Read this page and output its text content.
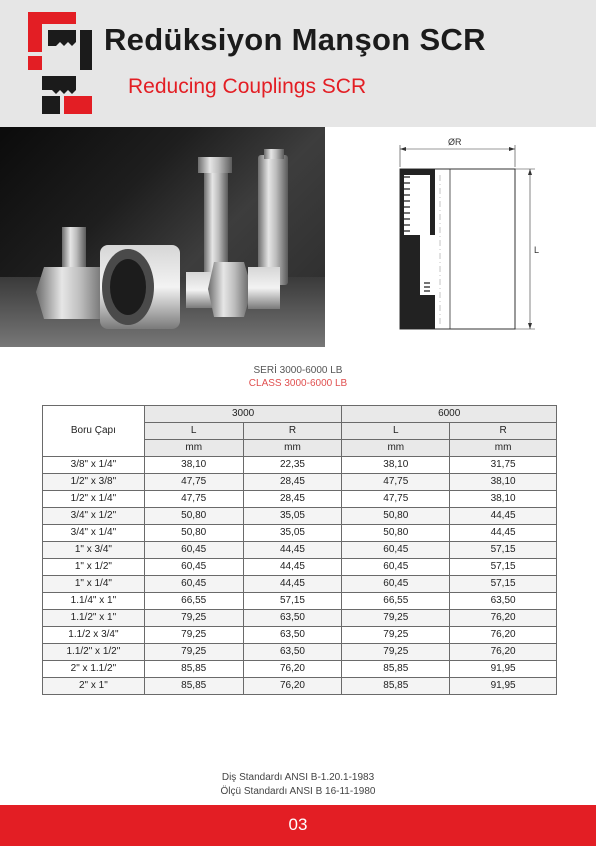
Redüksiyon Manşon SCR
Reducing Couplings SCR
ØR
L
SERİ 3000-6000 LB
CLASS 3000-6000 LB
Boru Çapı	3000		6000	
	L	R	L	R
	mm	mm	mm	mm
3/8" x 1/4"	38,10	22,35	38,10	31,75
1/2" x 3/8"	47,75	28,45	47,75	38,10
1/2" x 1/4"	47,75	28,45	47,75	38,10
3/4" x 1/2"	50,80	35,05	50,80	44,45
3/4" x 1/4"	50,80	35,05	50,80	44,45
1" x 3/4"	60,45	44,45	60,45	57,15
1" x 1/2"	60,45	44,45	60,45	57,15
1" x 1/4"	60,45	44,45	60,45	57,15
1.1/4" x 1"	66,55	57,15	66,55	63,50
1.1/2" x 1"	79,25	63,50	79,25	76,20
1.1/2 x 3/4"	79,25	63,50	79,25	76,20
1.1/2" x 1/2"	79,25	63,50	79,25	76,20
2" x 1.1/2"	85,85	76,20	85,85	91,95
2" x 1"	85,85	76,20	85,85	91,95
Diş Standardı ANSI B-1.20.1-1983
Ölçü Standardı ANSI B 16-11-1980
03
